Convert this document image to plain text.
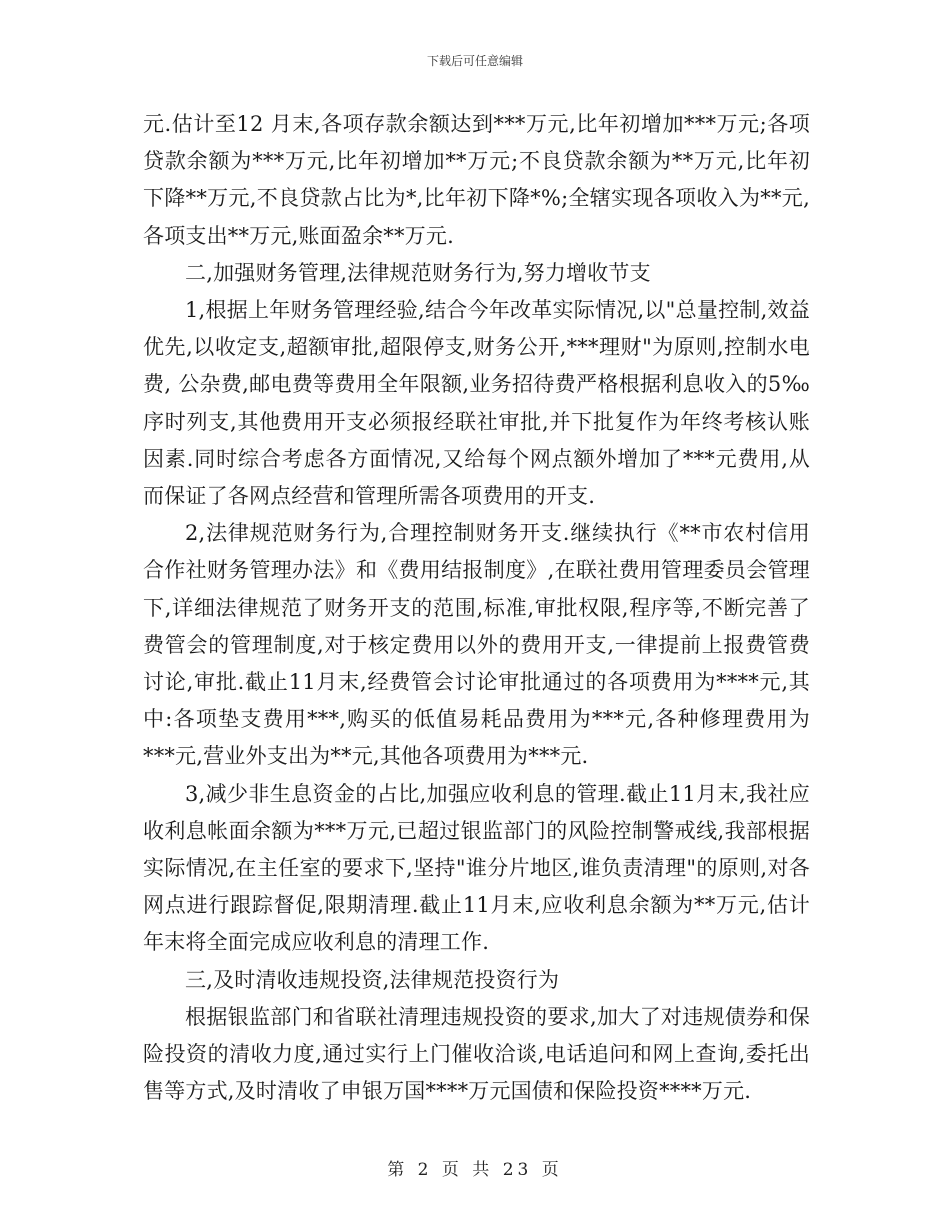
下载后可任意编辑

元.估计至12 月末,各项存款余额达到***万元,比年初增加***万元;各项贷款余额为***万元,比年初增加**万元;不良贷款余额为**万元,比年初下降**万元,不良贷款占比为*,比年初下降*%;全辖实现各项收入为**元,各项支出**万元,账面盈余**万元.

二,加强财务管理,法律规范财务行为,努力增收节支

1,根据上年财务管理经验,结合今年改革实际情况,以"总量控制,效益优先,以收定支,超额审批,超限停支,财务公开,***理财"为原则,控制水电费, 公杂费,邮电费等费用全年限额,业务招待费严格根据利息收入的5‰序时列支,其他费用开支必须报经联社审批,并下批复作为年终考核认账因素.同时综合考虑各方面情况,又给每个网点额外增加了***元费用,从而保证了各网点经营和管理所需各项费用的开支.

2,法律规范财务行为,合理控制财务开支.继续执行《**市农村信用合作社财务管理办法》和《费用结报制度》,在联社费用管理委员会管理下,详细法律规范了财务开支的范围,标准,审批权限,程序等,不断完善了费管会的管理制度,对于核定费用以外的费用开支,一律提前上报费管费讨论,审批.截止11月末,经费管会讨论审批通过的各项费用为****元,其中:各项垫支费用***,购买的低值易耗品费用为***元,各种修理费用为***元,营业外支出为**元,其他各项费用为***元.

3,减少非生息资金的占比,加强应收利息的管理.截止11月末,我社应收利息帐面余额为***万元,已超过银监部门的风险控制警戒线,我部根据实际情况,在主任室的要求下,坚持"谁分片地区,谁负责清理"的原则,对各网点进行跟踪督促,限期清理.截止11月末,应收利息余额为**万元,估计年末将全面完成应收利息的清理工作.

三,及时清收违规投资,法律规范投资行为

根据银监部门和省联社清理违规投资的要求,加大了对违规债券和保险投资的清收力度,通过实行上门催收洽谈,电话追问和网上查询,委托出售等方式,及时清收了申银万国****万元国债和保险投资****万元.

第 2 页 共 23 页
